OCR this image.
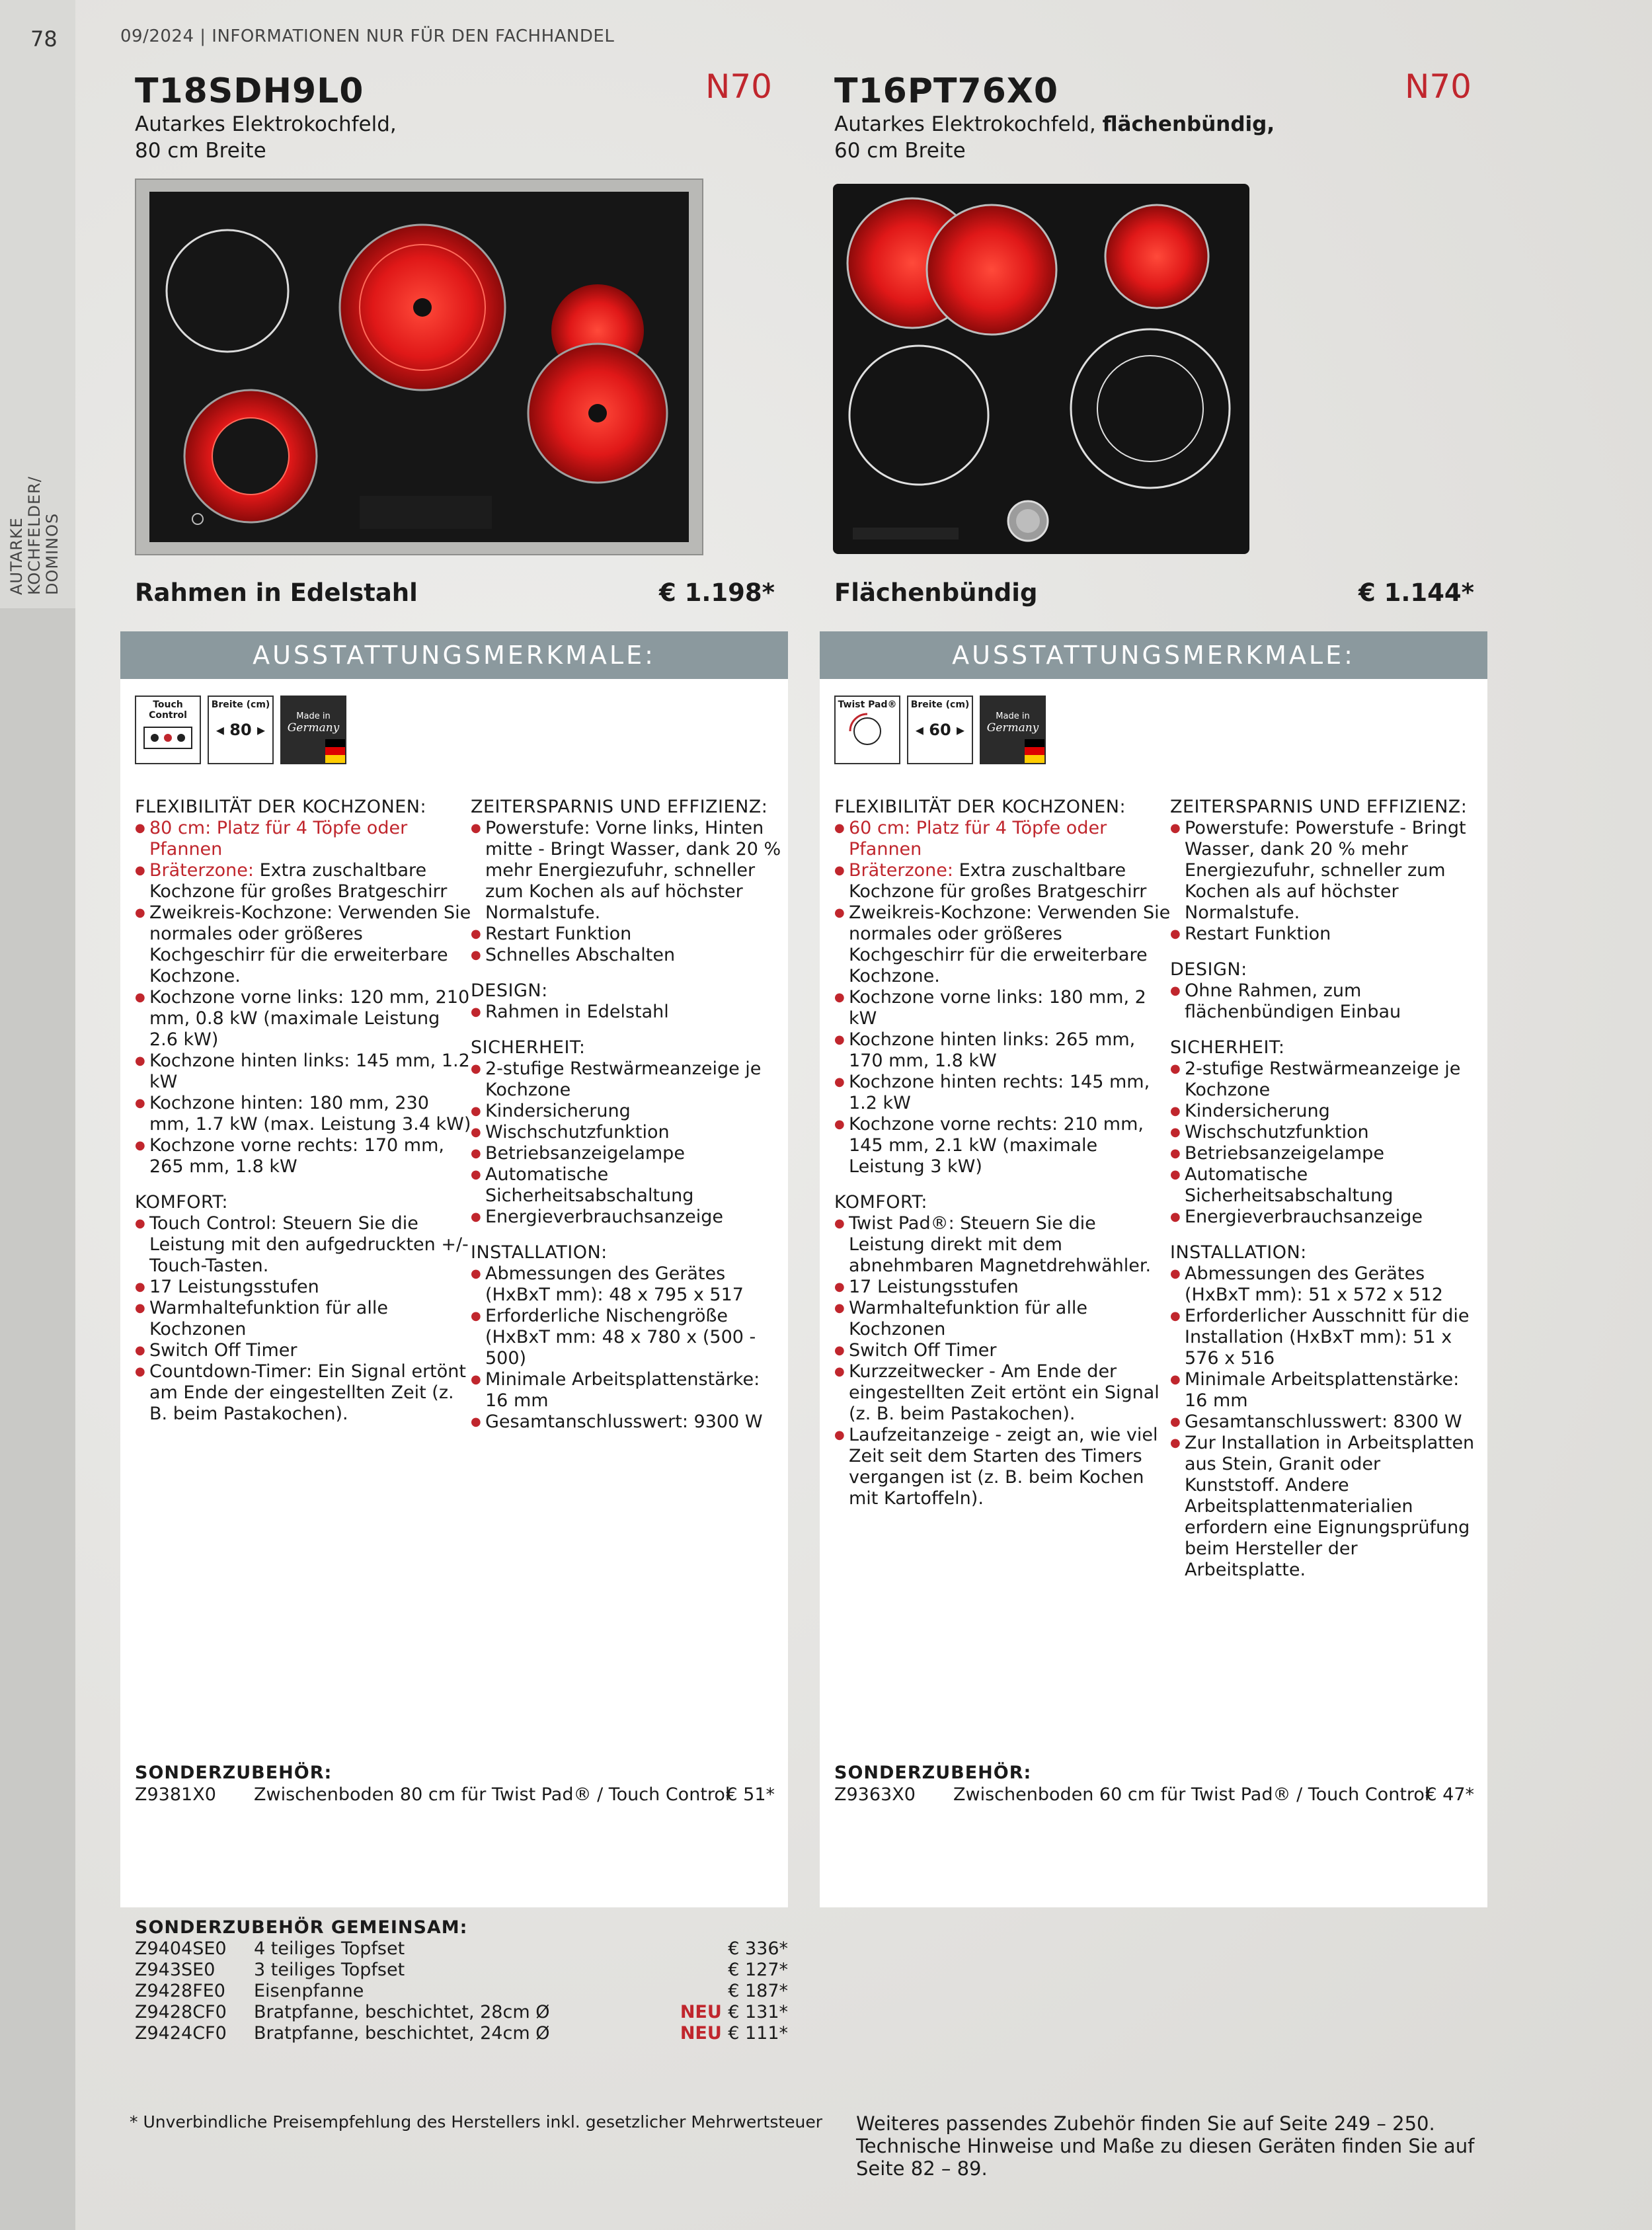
78
AUTARKE KOCHFELDER/ DOMINOS
09/2024 | INFORMATIONEN NUR FÜR DEN FACHHANDEL
T18SDH9L0	N70
Autarkes Elektrokochfeld,
80 cm Breite
Rahmen in Edelstahl	€ 1.198*
AUSSTATTUNGSMERKMALE:
Touch Control
Breite (cm)
◂ 80 ▸
Made in
Germany
FLEXIBILITÄT DER KOCHZONEN:
● 80 cm: Platz für 4 Töpfe oder Pfannen
● Bräterzone: Extra zuschaltbare Kochzone für großes Bratgeschirr
● Zweikreis-Kochzone: Verwenden Sie normales oder größeres Kochgeschirr für die erweiterbare Kochzone.
● Kochzone vorne links: 120 mm, 210 mm, 0.8 kW (maximale Leistung 2.6 kW)
● Kochzone hinten links: 145 mm, 1.2 kW
● Kochzone hinten: 180 mm, 230 mm, 1.7 kW (max. Leistung 3.4 kW)
● Kochzone vorne rechts: 170 mm, 265 mm, 1.8 kW
KOMFORT:
● Touch Control: Steuern Sie die Leistung mit den aufgedruckten +/- Touch-Tasten.
● 17 Leistungsstufen
● Warmhaltefunktion für alle Kochzonen
● Switch Off Timer
● Countdown-Timer: Ein Signal ertönt am Ende der eingestellten Zeit (z. B. beim Pastakochen).
ZEITERSPARNIS UND EFFIZIENZ:
● Powerstufe: Vorne links, Hinten mitte - Bringt Wasser, dank 20 % mehr Energiezufuhr, schneller zum Kochen als auf höchster Normalstufe.
● Restart Funktion
● Schnelles Abschalten
DESIGN:
● Rahmen in Edelstahl
SICHERHEIT:
● 2-stufige Restwärmeanzeige je Kochzone
● Kindersicherung
● Wischschutzfunktion
● Betriebsanzeigelampe
● Automatische Sicherheitsabschaltung
● Energieverbrauchsanzeige
INSTALLATION:
● Abmessungen des Gerätes (HxBxT mm): 48 x 795 x 517
● Erforderliche Nischengröße (HxBxT mm: 48 x 780 x (500 - 500)
● Minimale Arbeitsplattenstärke: 16 mm
● Gesamtanschlusswert: 9300 W
SONDERZUBEHÖR:
Z9381X0 Zwischenboden 80 cm für Twist Pad® / Touch Control
€ 51*
T16PT76X0	N70
Autarkes Elektrokochfeld, flächenbündig,
60 cm Breite
Flächenbündig	€ 1.144*
AUSSTATTUNGSMERKMALE:
Twist Pad® Breite (cm)
◂ 60 ▸
Made in
Germany
FLEXIBILITÄT DER KOCHZONEN:
● 60 cm: Platz für 4 Töpfe oder Pfannen
● Bräterzone: Extra zuschaltbare Kochzone für großes Bratgeschirr
● Zweikreis-Kochzone: Verwenden Sie normales oder größeres Kochgeschirr für die erweiterbare Kochzone.
● Kochzone vorne links: 180 mm, 2 kW
● Kochzone hinten links: 265 mm, 170 mm, 1.8 kW
● Kochzone hinten rechts: 145 mm, 1.2 kW
● Kochzone vorne rechts: 210 mm, 145 mm, 2.1 kW (maximale Leistung 3 kW)
KOMFORT:
● Twist Pad®: Steuern Sie die Leistung direkt mit dem abnehmbaren Magnetdrehwähler.
● 17 Leistungsstufen
● Warmhaltefunktion für alle Kochzonen
● Switch Off Timer
● Kurzzeitwecker - Am Ende der eingestellten Zeit ertönt ein Signal (z. B. beim Pastakochen).
● Laufzeitanzeige - zeigt an, wie viel Zeit seit dem Starten des Timers vergangen ist (z. B. beim Kochen mit Kartoffeln).
ZEITERSPARNIS UND EFFIZIENZ:
● Powerstufe: Powerstufe - Bringt Wasser, dank 20 % mehr Energiezufuhr, schneller zum Kochen als auf höchster Normalstufe.
● Restart Funktion
DESIGN:
● Ohne Rahmen, zum flächenbündigen Einbau
SICHERHEIT:
● 2-stufige Restwärmeanzeige je Kochzone
● Kindersicherung
● Wischschutzfunktion
● Betriebsanzeigelampe
● Automatische Sicherheitsabschaltung
● Energieverbrauchsanzeige
INSTALLATION:
● Abmessungen des Gerätes (HxBxT mm): 51 x 572 x 512
● Erforderlicher Ausschnitt für die Installation (HxBxT mm): 51 x 576 x 516
● Minimale Arbeitsplattenstärke: 16 mm
● Gesamtanschlusswert: 8300 W
● Zur Installation in Arbeitsplatten aus Stein, Granit oder Kunststoff. Andere Arbeitsplattenmaterialien erfordern eine Eignungsprüfung beim Hersteller der Arbeitsplatte.
SONDERZUBEHÖR:
Z9363X0 Zwischenboden 60 cm für Twist Pad® / Touch Control
€ 47*
SONDERZUBEHÖR GEMEINSAM:
Z9404SE0 4 teiliges Topfset	€ 336*
Z943SE0 3 teiliges Topfset	€ 127*
Z9428FE0 Eisenpfanne	€ 187*
Z9428CF0 Bratpfanne, beschichtet, 28cm Ø	NEU € 131*
Z9424CF0 Bratpfanne, beschichtet, 24cm Ø	NEU € 111*
* Unverbindliche Preisempfehlung des Herstellers inkl. gesetzlicher Mehrwertsteuer Weiteres passendes Zubehör finden Sie auf Seite 249 – 250. Technische Hinweise und Maße zu diesen Geräten finden Sie auf Seite 82 – 89.
